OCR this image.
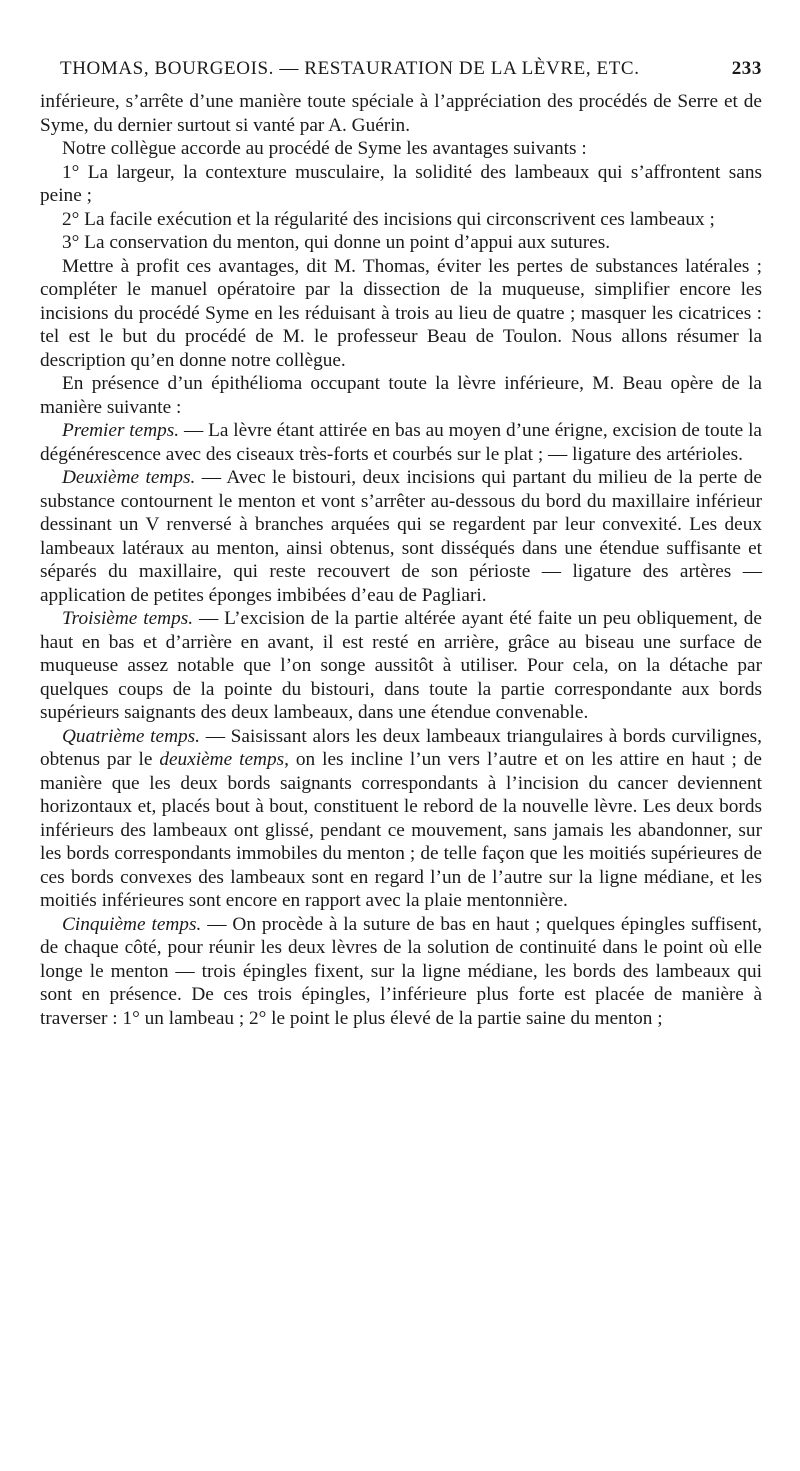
THOMAS, BOURGEOIS. — RESTAURATION DE LA LÈVRE, ETC.	233

inférieure, s’arrête d’une manière toute spéciale à l’appréciation des procédés de Serre et de Syme, du dernier surtout si vanté par A. Guérin.

Notre collègue accorde au procédé de Syme les avantages suivants :

1° La largeur, la contexture musculaire, la solidité des lambeaux qui s’affrontent sans peine ;

2° La facile exécution et la régularité des incisions qui circonscrivent ces lambeaux ;

3° La conservation du menton, qui donne un point d’appui aux sutures.

Mettre à profit ces avantages, dit M. Thomas, éviter les pertes de substances latérales ; compléter le manuel opératoire par la dissection de la muqueuse, simplifier encore les incisions du procédé Syme en les réduisant à trois au lieu de quatre ; masquer les cicatrices : tel est le but du procédé de M. le professeur Beau de Toulon. Nous allons résumer la description qu’en donne notre collègue.

En présence d’un épithélioma occupant toute la lèvre inférieure, M. Beau opère de la manière suivante :

Premier temps. — La lèvre étant attirée en bas au moyen d’une érigne, excision de toute la dégénérescence avec des ciseaux très-forts et courbés sur le plat ; — ligature des artérioles.

Deuxième temps. — Avec le bistouri, deux incisions qui partant du milieu de la perte de substance contournent le menton et vont s’arrêter au-dessous du bord du maxillaire inférieur dessinant un V renversé à branches arquées qui se regardent par leur convexité. Les deux lambeaux latéraux au menton, ainsi obtenus, sont disséqués dans une étendue suffisante et séparés du maxillaire, qui reste recouvert de son périoste — ligature des artères — application de petites éponges imbibées d’eau de Pagliari.

Troisième temps. — L’excision de la partie altérée ayant été faite un peu obliquement, de haut en bas et d’arrière en avant, il est resté en arrière, grâce au biseau une surface de muqueuse assez notable que l’on songe aussitôt à utiliser. Pour cela, on la détache par quelques coups de la pointe du bistouri, dans toute la partie correspondante aux bords supérieurs saignants des deux lambeaux, dans une étendue convenable.

Quatrième temps. — Saisissant alors les deux lambeaux triangulaires à bords curvilignes, obtenus par le deuxième temps, on les incline l’un vers l’autre et on les attire en haut ; de manière que les deux bords saignants correspondants à l’incision du cancer deviennent horizontaux et, placés bout à bout, constituent le rebord de la nouvelle lèvre. Les deux bords inférieurs des lambeaux ont glissé, pendant ce mouvement, sans jamais les abandonner, sur les bords correspondants immobiles du menton ; de telle façon que les moitiés supérieures de ces bords convexes des lambeaux sont en regard l’un de l’autre sur la ligne médiane, et les moitiés inférieures sont encore en rapport avec la plaie mentonnière.

Cinquième temps. — On procède à la suture de bas en haut ; quelques épingles suffisent, de chaque côté, pour réunir les deux lèvres de la solution de continuité dans le point où elle longe le menton — trois épingles fixent, sur la ligne médiane, les bords des lambeaux qui sont en présence. De ces trois épingles, l’inférieure plus forte est placée de manière à traverser : 1° un lambeau ; 2° le point le plus élevé de la partie saine du menton ;
